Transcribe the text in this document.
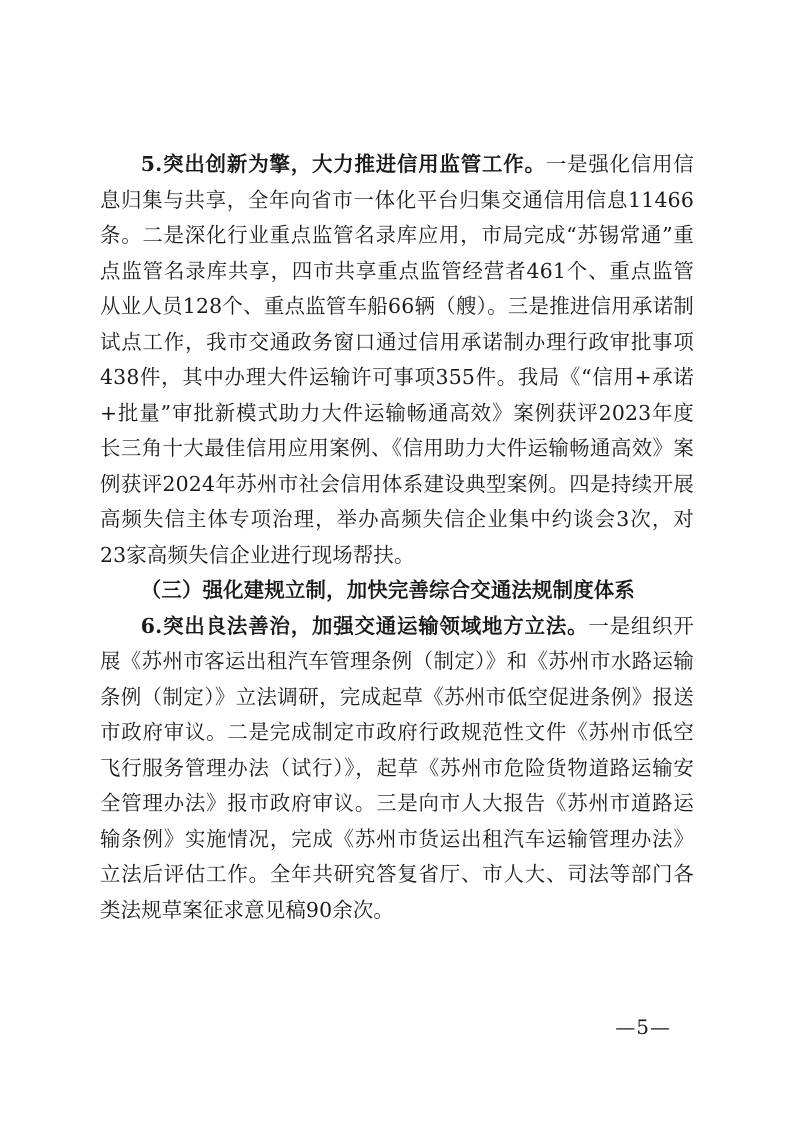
5.突出创新为擎，大力推进信用监管工作。一是强化信用信息归集与共享，全年向省市一体化平台归集交通信用信息11466条。二是深化行业重点监管名录库应用，市局完成“苏锡常通”重点监管名录库共享，四市共享重点监管经营者461个、重点监管从业人员128个、重点监管车船66辆（艘）。三是推进信用承诺制试点工作，我市交通政务窗口通过信用承诺制办理行政审批事项438件，其中办理大件运输许可事项355件。我局《“信用+承诺+批量”审批新模式助力大件运输畅通高效》案例获评2023年度长三角十大最佳信用应用案例、《信用助力大件运输畅通高效》案例获评2024年苏州市社会信用体系建设典型案例。四是持续开展高频失信主体专项治理，举办高频失信企业集中约谈会3次，对23家高频失信企业进行现场帮扶。

（三）强化建规立制，加快完善综合交通法规制度体系

6.突出良法善治，加强交通运输领域地方立法。一是组织开展《苏州市客运出租汽车管理条例（制定）》和《苏州市水路运输条例（制定）》立法调研，完成起草《苏州市低空促进条例》报送市政府审议。二是完成制定市政府行政规范性文件《苏州市低空飞行服务管理办法（试行）》，起草《苏州市危险货物道路运输安全管理办法》报市政府审议。三是向市人大报告《苏州市道路运输条例》实施情况，完成《苏州市货运出租汽车运输管理办法》立法后评估工作。全年共研究答复省厅、市人大、司法等部门各类法规草案征求意见稿90余次。

—5—
